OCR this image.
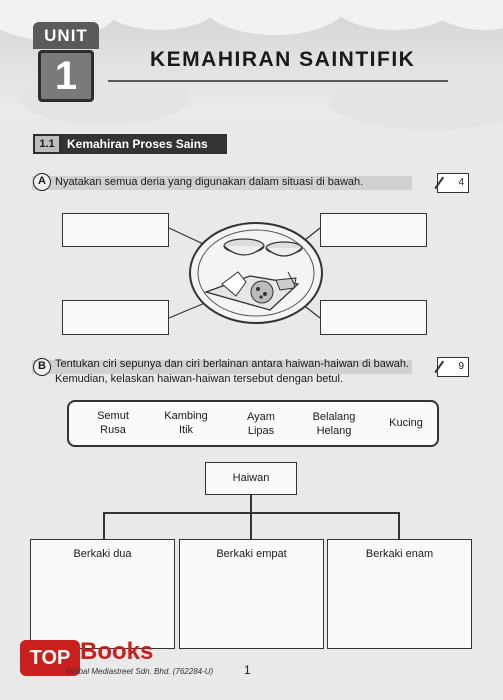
UNIT
1	KEMAHIRAN SAINTIFIK
1.1	Kemahiran Proses Sains
A Nyatakan semua deria yang digunakan dalam situasi di bawah.	4
B Tentukan ciri sepunya dan ciri berlainan antara haiwan-haiwan di bawah.
Kemudian, kelaskan haiwan-haiwan tersebut dengan betul.
9
Semut
Rusa
Kambing
Itik
Ayam
Lipas
Belalang
Helang
Kucing
Haiwan
Berkaki dua	Berkaki empat	Berkaki enam
TOP Books
Global Mediastreet Sdn. Bhd. (762284-U)	1
